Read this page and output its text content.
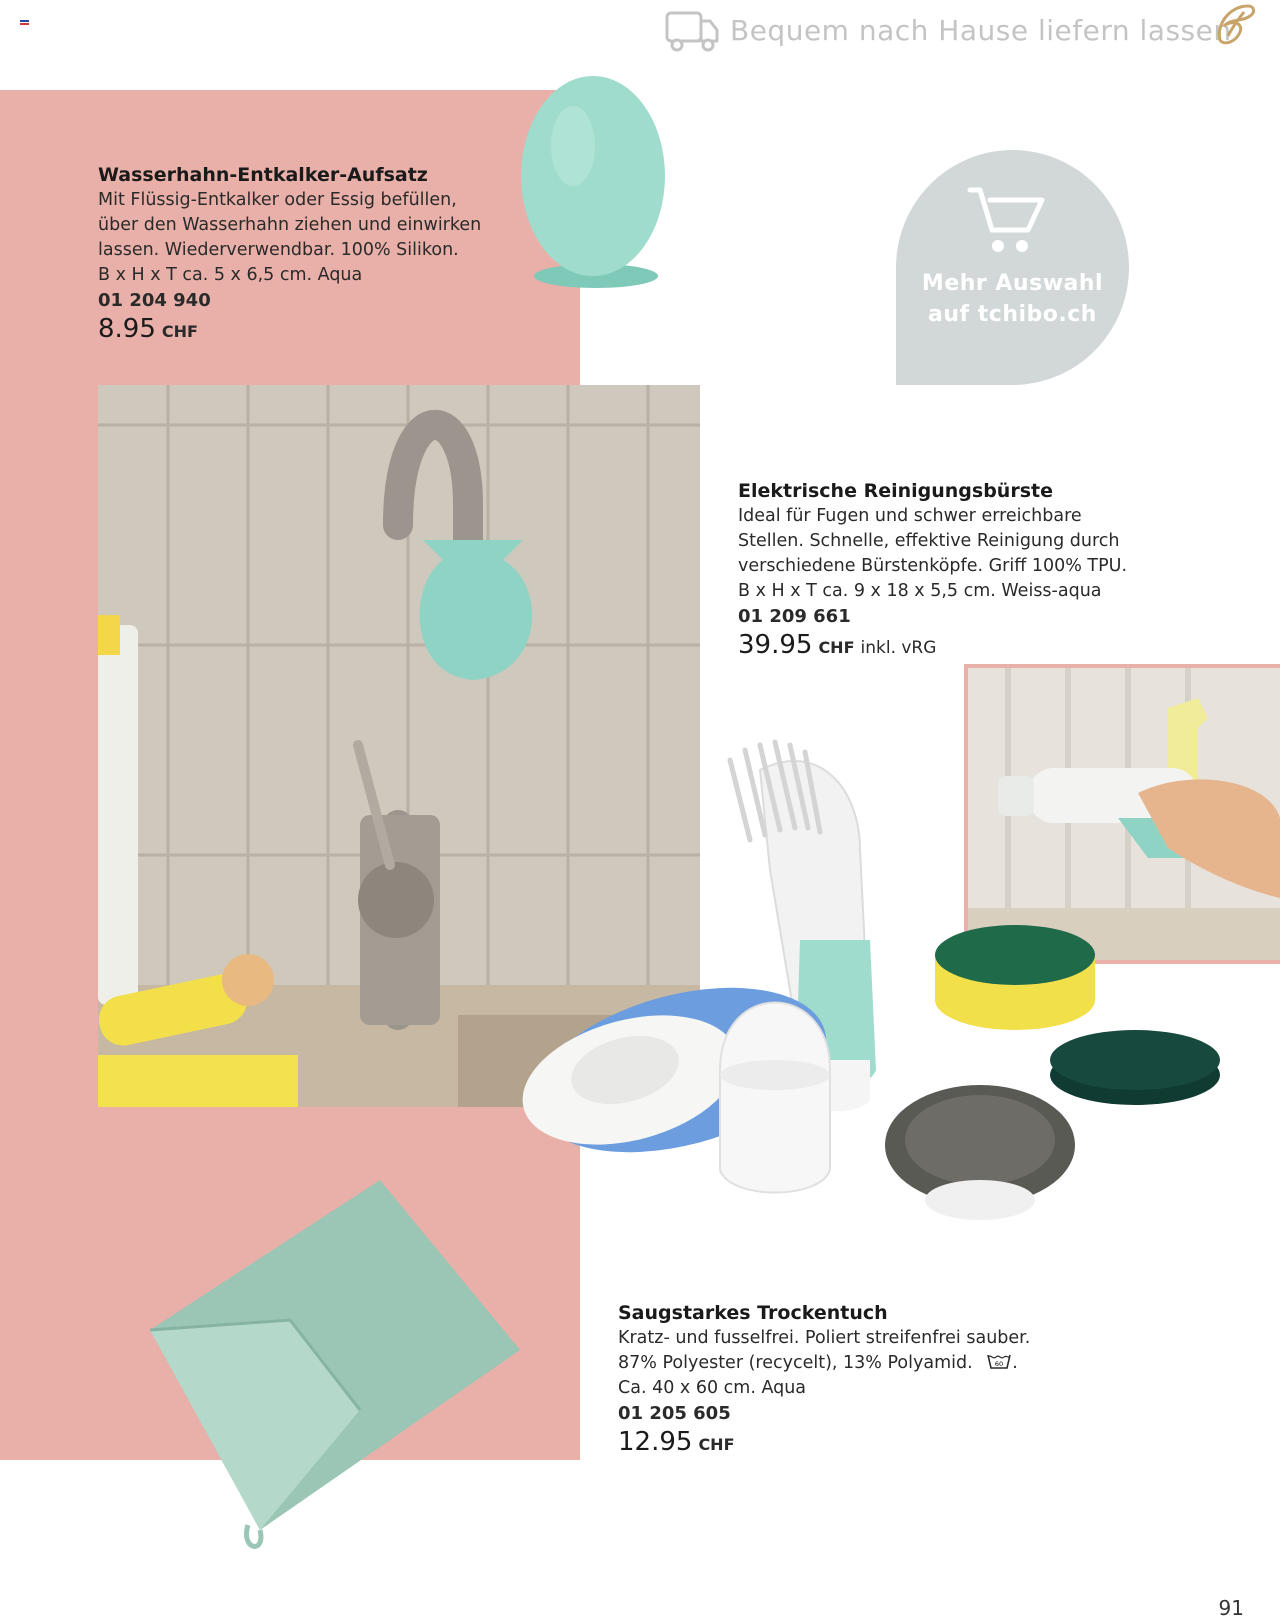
Bequem nach Hause liefern lassen
Wasserhahn-Entkalker-Aufsatz
Mit Flüssig-Entkalker oder Essig befüllen,
über den Wasserhahn ziehen und einwirken
lassen. Wiederverwendbar. 100% Silikon.
B x H x T ca. 5 x 6,5 cm. Aqua
01 204 940
8.95 CHF
Mehr Auswahl
auf tchibo.ch
Elektrische Reinigungsbürste
Ideal für Fugen und schwer erreichbare
Stellen. Schnelle, effektive Reinigung durch
verschiedene Bürstenköpfe. Griff 100% TPU.
B x H x T ca. 9 x 18 x 5,5 cm. Weiss-aqua
01 209 661
39.95 CHF inkl. vRG
Saugstarkes Trockentuch
Kratz- und fusselfrei. Poliert streifenfrei sauber.
87% Polyester (recycelt), 13% Polyamid.	60 .
Ca. 40 x 60 cm. Aqua
01 205 605
12.95 CHF
91
